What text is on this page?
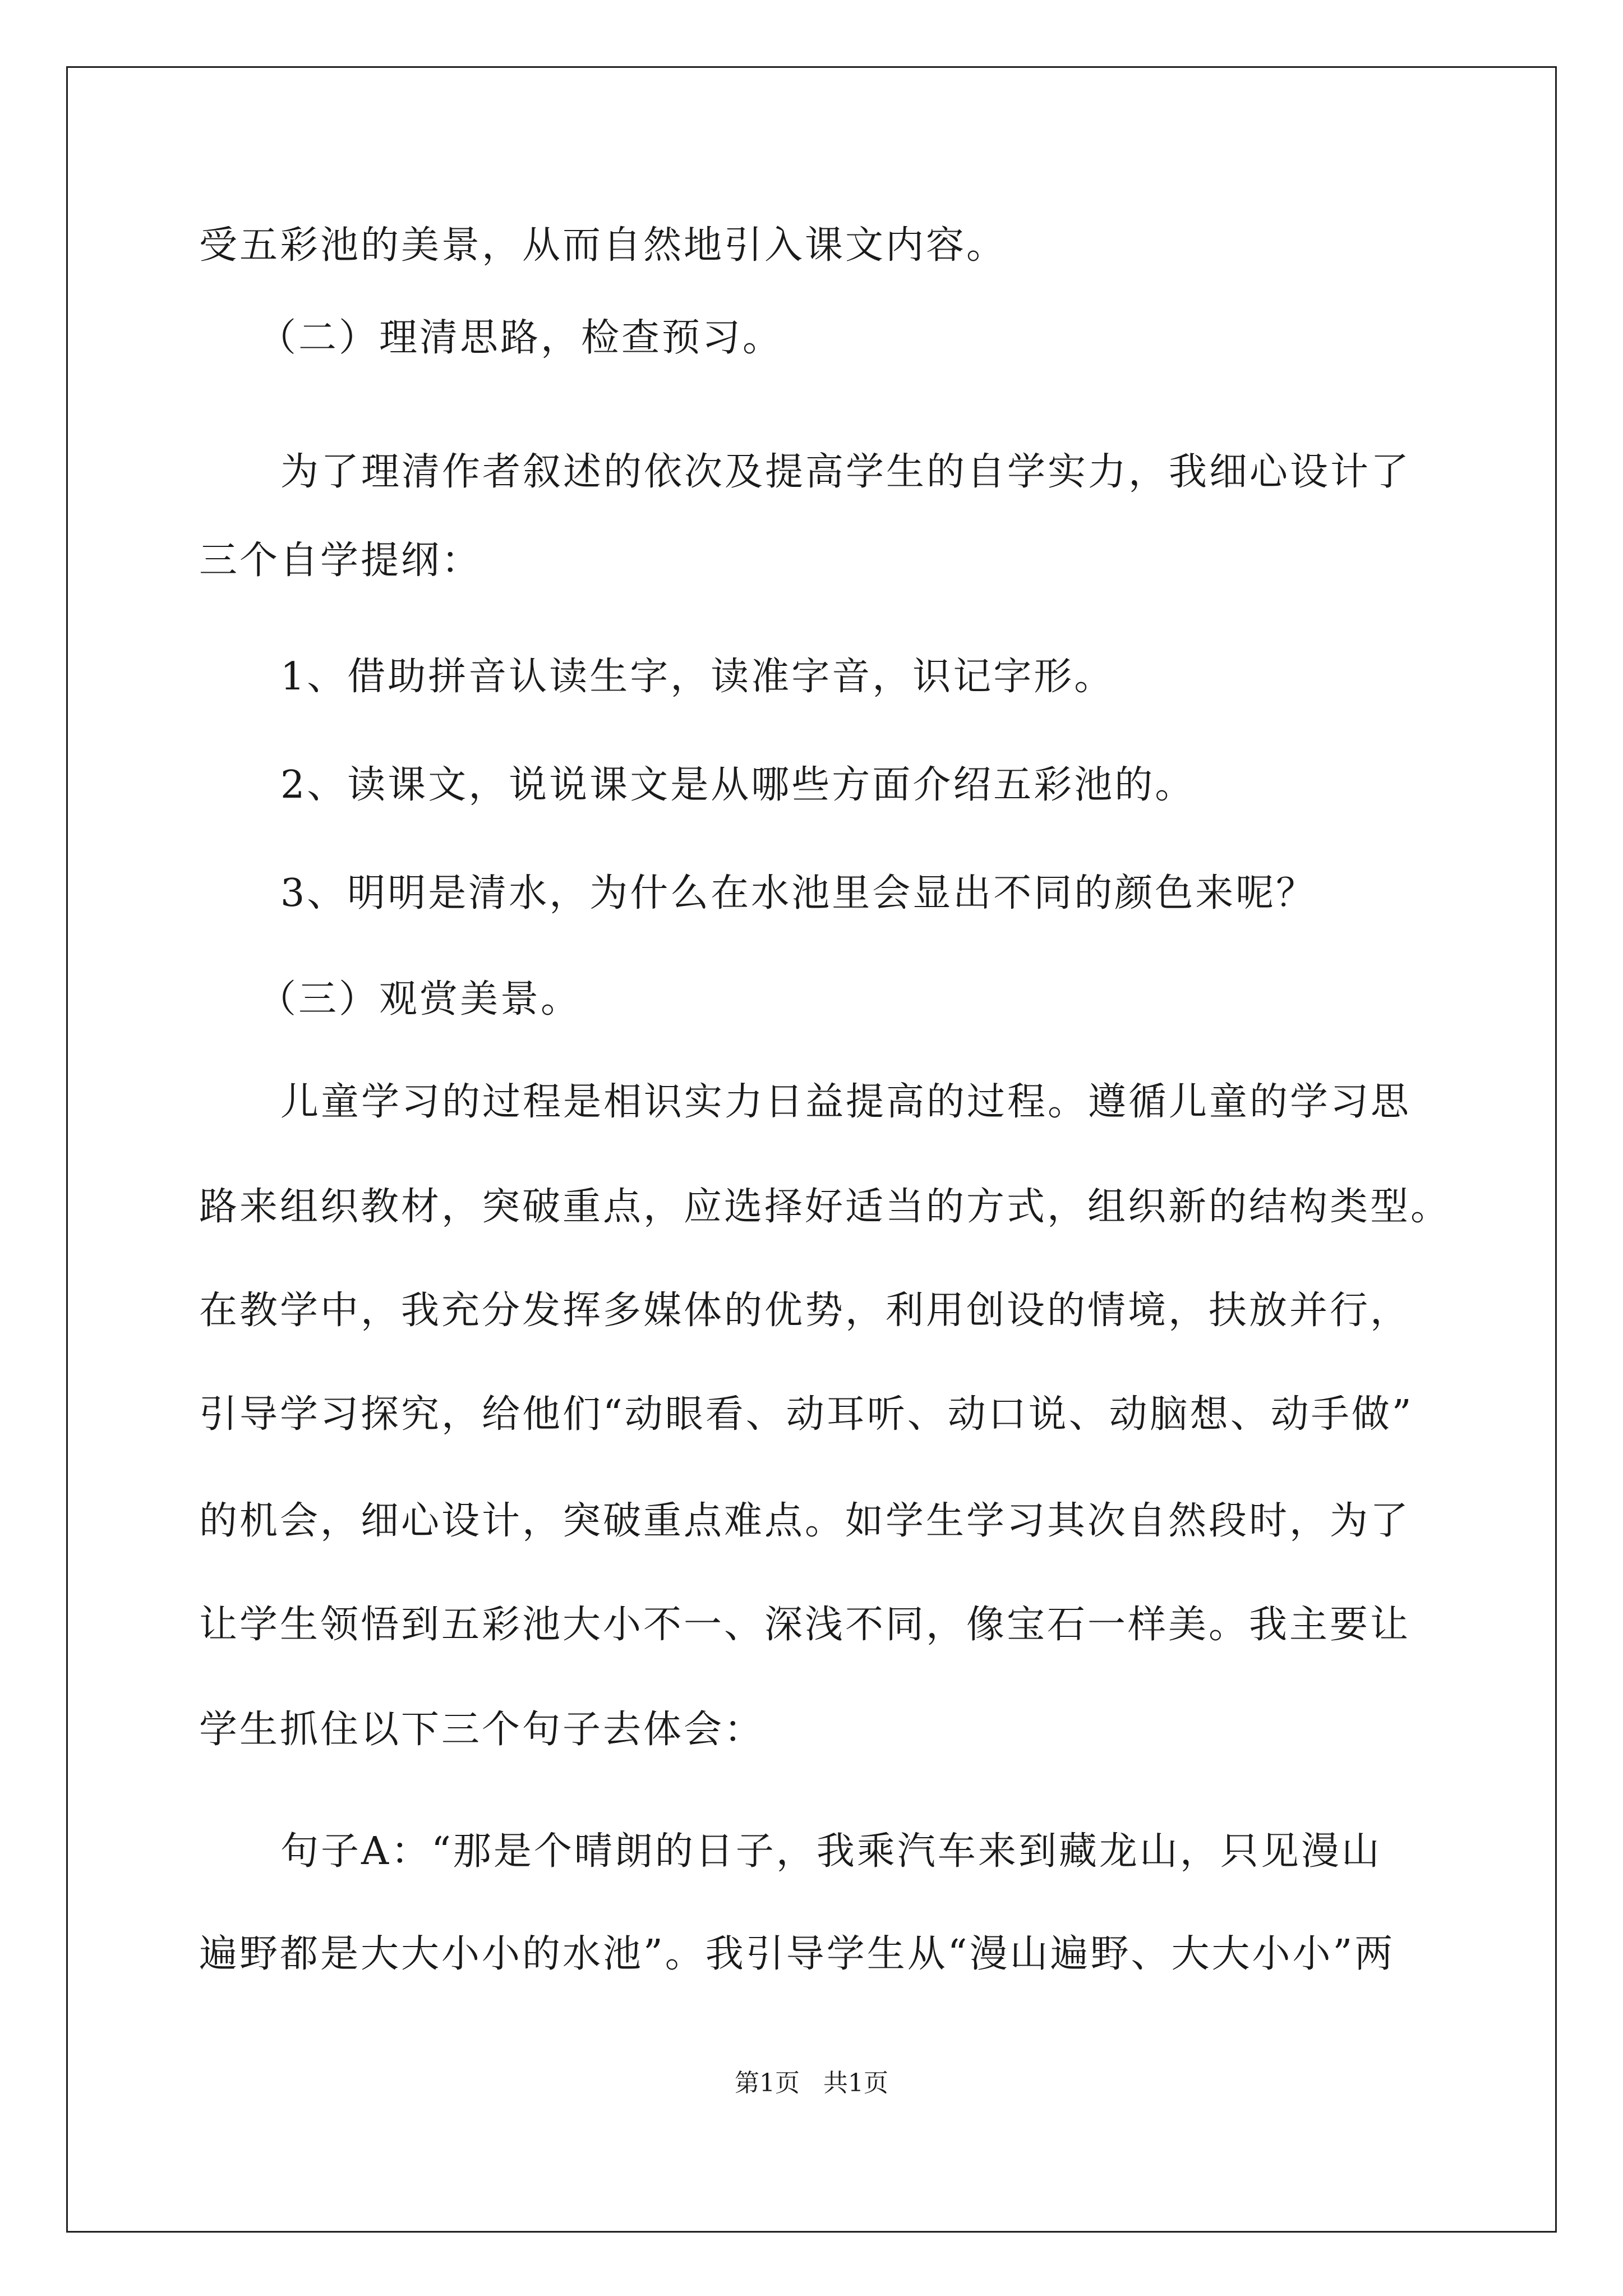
受五彩池的美景，从而自然地引入课文内容。
（二）理清思路，检查预习。
为了理清作者叙述的依次及提高学生的自学实力，我细心设计了
三个自学提纲：
1、借助拼音认读生字，读准字音，识记字形。
2、读课文，说说课文是从哪些方面介绍五彩池的。
3、明明是清水，为什么在水池里会显出不同的颜色来呢？
（三）观赏美景。
儿童学习的过程是相识实力日益提高的过程。遵循儿童的学习思
路来组织教材，突破重点，应选择好适当的方式，组织新的结构类型。
在教学中，我充分发挥多媒体的优势，利用创设的情境，扶放并行，
引导学习探究，给他们“动眼看、动耳听、动口说、动脑想、动手做”
的机会，细心设计，突破重点难点。如学生学习其次自然段时，为了
让学生领悟到五彩池大小不一、深浅不同，像宝石一样美。我主要让
学生抓住以下三个句子去体会：
句子A：“那是个晴朗的日子，我乘汽车来到藏龙山，只见漫山
遍野都是大大小小的水池”。我引导学生从“漫山遍野、大大小小”两
第1页   共1页
